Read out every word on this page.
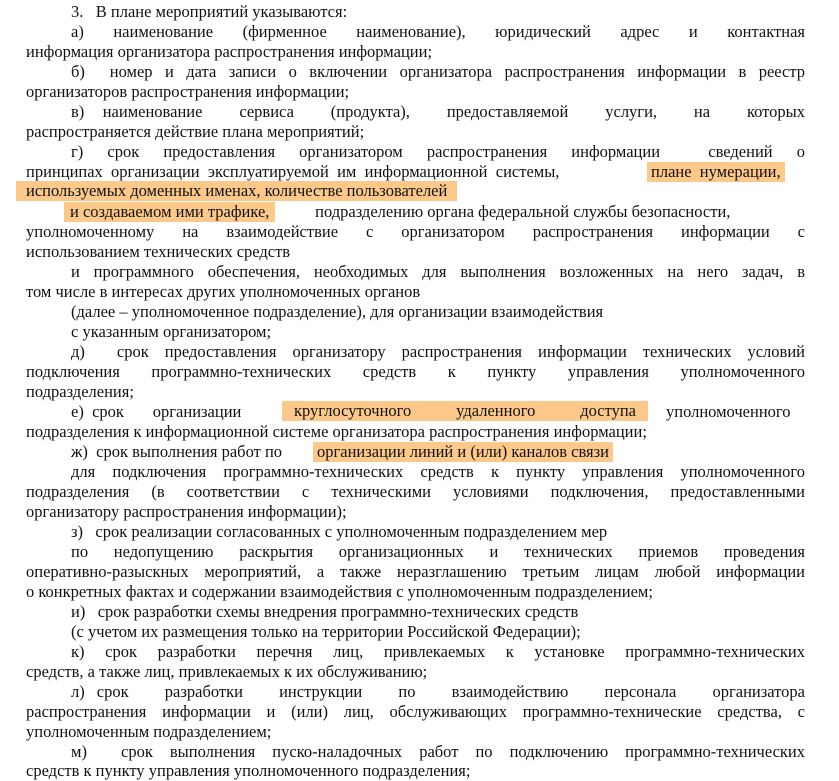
3.   В плане мероприятий указываются:
а)  наименование  (фирменное  наименование),  юридический  адрес  и  контактная
информация организатора распространения информации;
б)  номер и дата записи о включении организатора распространения информации в реестр
организаторов распространения информации;
в)  наименование    сервиса    (продукта),    предоставляемой    услуги,    на    которых
распространяется действие плана мероприятий;
г)  срок  предоставления  организатором  распространения  информации    сведений  о
принципах  организации  эксплуатируемой  им  информационной  системы,	плане  нумерации,
используемых доменных именах, количестве пользователей
и создаваемом ими трафике,	подразделению органа федеральной службы безопасности,
уполномоченному  на  взаимодействие  с  организатором  распространения  информации  с
использованием технических средств
и программного обеспечения, необходимых для выполнения возложенных на него задач, в
том числе в интересах других уполномоченных органов
(далее – уполномоченное подразделение), для организации взаимодействия
с указанным организатором;
д)  срок предоставления организатору распространения информации технических условий
подключения  программно-технических  средств  к  пункту  управления  уполномоченного
подразделения;
е)  срок       организации	круглосуточного    удаленного    доступа	уполномоченного
подразделения к информационной системе организатора распространения информации;
ж)  срок выполнения работ по организации линий и (или) каналов связи
для подключения программно-технических средств к пункту управления уполномоченного
подразделения  (в  соответствии  с  техническими  условиями  подключения,  предоставленными
организатору распространения информации);
з)   срок реализации согласованных с уполномоченным подразделением мер
по  недопущению  раскрытия  организационных  и  технических  приемов  проведения
оперативно-разыскных мероприятий, а также неразглашению третьим лицам любой информации
о конкретных фактах и содержании взаимодействия с уполномоченным подразделением;
и)   срок разработки схемы внедрения программно-технических средств
(с учетом их размещения только на территории Российской Федерации);
к)  срок  разработки  перечня  лиц,  привлекаемых  к  установке  программно-технических
средств, а также лиц, привлекаемых к их обслуживанию;
л)  срок      разработки      инструкции      по      взаимодействию      персонала      организатора
распространения информации и (или) лиц, обслуживающих программно-технические средства, с
уполномоченным подразделением;
м)  срок выполнения пуско-наладочных работ по подключению программно-технических
средств к пункту управления уполномоченного подразделения;
